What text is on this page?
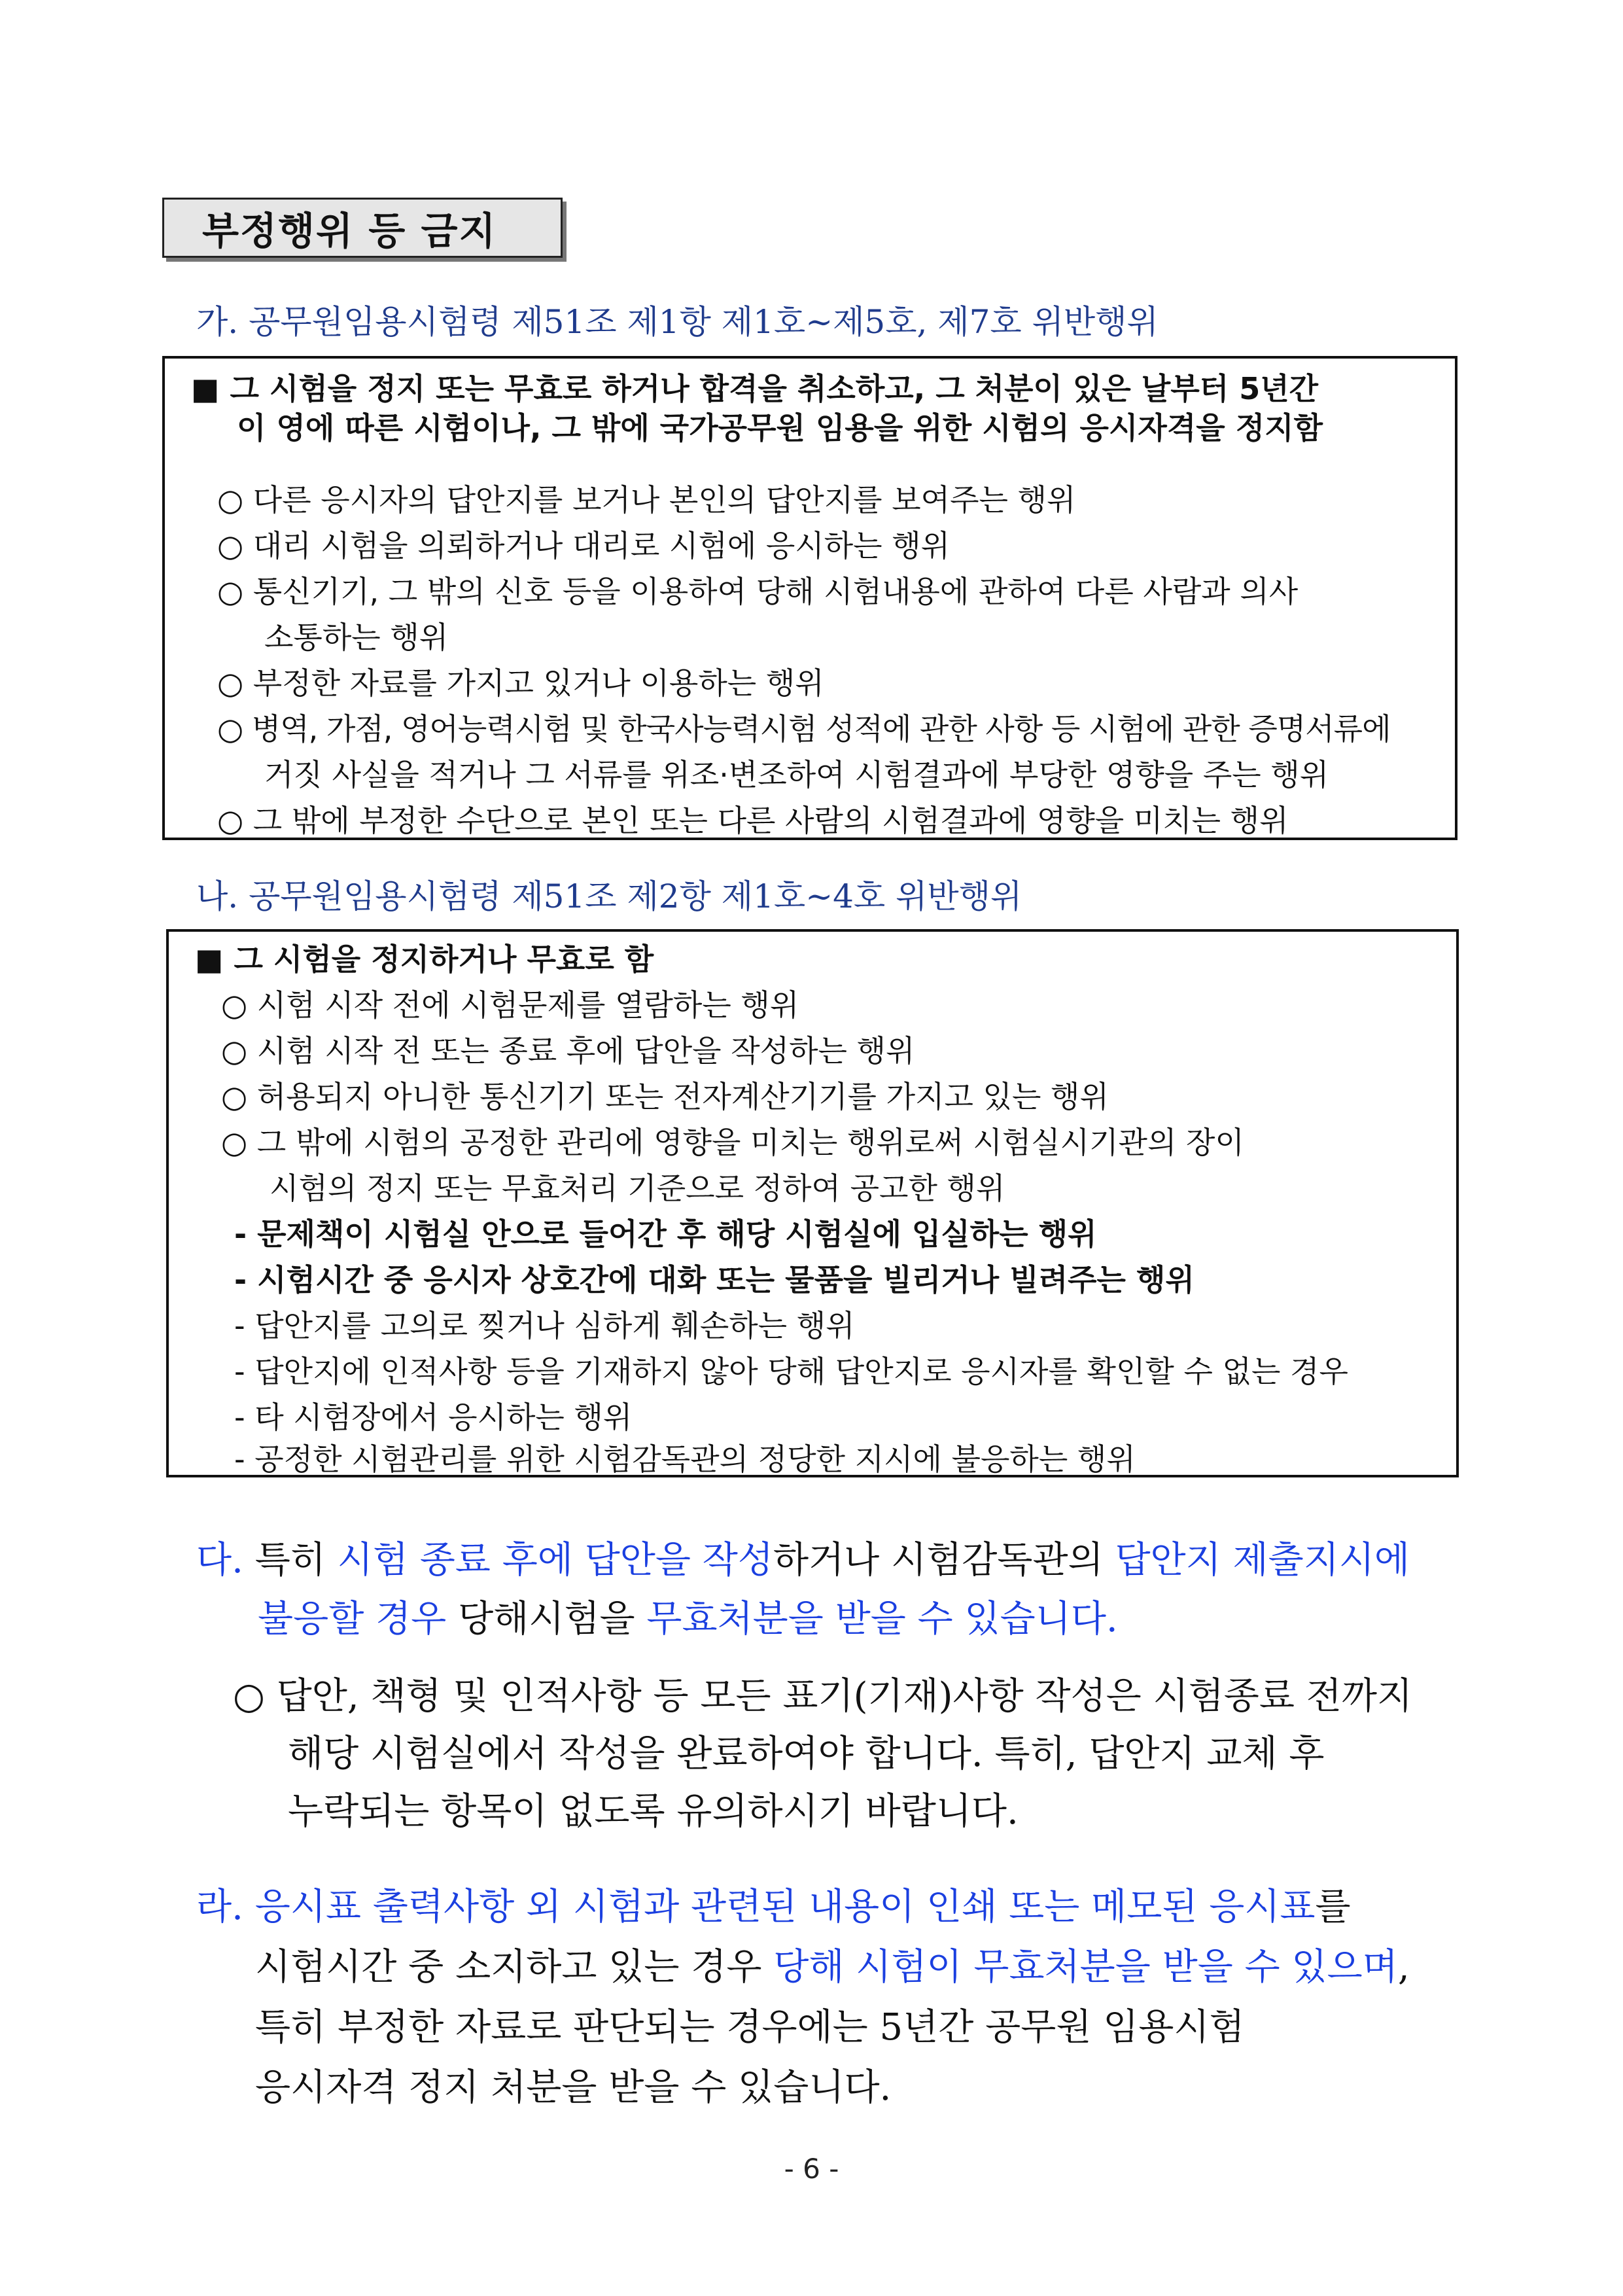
부정행위 등 금지
가. 공무원임용시험령 제51조 제1항 제1호∼제5호, 제7호 위반행위
■ 그 시험을 정지 또는 무효로 하거나 합격을 취소하고, 그 처분이 있은 날부터 5년간
이 영에 따른 시험이나, 그 밖에 국가공무원 임용을 위한 시험의 응시자격을 정지함
○ 다른 응시자의 답안지를 보거나 본인의 답안지를 보여주는 행위
○ 대리 시험을 의뢰하거나 대리로 시험에 응시하는 행위
○ 통신기기, 그 밖의 신호 등을 이용하여 당해 시험내용에 관하여 다른 사람과 의사
소통하는 행위
○ 부정한 자료를 가지고 있거나 이용하는 행위
○ 병역, 가점, 영어능력시험 및 한국사능력시험 성적에 관한 사항 등 시험에 관한 증명서류에
거짓 사실을 적거나 그 서류를 위조·변조하여 시험결과에 부당한 영향을 주는 행위
○ 그 밖에 부정한 수단으로 본인 또는 다른 사람의 시험결과에 영향을 미치는 행위
나. 공무원임용시험령 제51조 제2항 제1호∼4호 위반행위
■ 그 시험을 정지하거나 무효로 함
○ 시험 시작 전에 시험문제를 열람하는 행위
○ 시험 시작 전 또는 종료 후에 답안을 작성하는 행위
○ 허용되지 아니한 통신기기 또는 전자계산기기를 가지고 있는 행위
○ 그 밖에 시험의 공정한 관리에 영향을 미치는 행위로써 시험실시기관의 장이
시험의 정지 또는 무효처리 기준으로 정하여 공고한 행위
- 문제책이 시험실 안으로 들어간 후 해당 시험실에 입실하는 행위
- 시험시간 중 응시자 상호간에 대화 또는 물품을 빌리거나 빌려주는 행위
- 답안지를 고의로 찢거나 심하게 훼손하는 행위
- 답안지에 인적사항 등을 기재하지 않아 당해 답안지로 응시자를 확인할 수 없는 경우
- 타 시험장에서 응시하는 행위
- 공정한 시험관리를 위한 시험감독관의 정당한 지시에 불응하는 행위
다. 특히 시험 종료 후에 답안을 작성하거나 시험감독관의 답안지 제출지시에
불응할 경우 당해시험을 무효처분을 받을 수 있습니다.
○ 답안, 책형 및 인적사항 등 모든 표기(기재)사항 작성은 시험종료 전까지
해당 시험실에서 작성을 완료하여야 합니다. 특히, 답안지 교체 후
누락되는 항목이 없도록 유의하시기 바랍니다.
라. 응시표 출력사항 외 시험과 관련된 내용이 인쇄 또는 메모된 응시표를
시험시간 중 소지하고 있는 경우 당해 시험이 무효처분을 받을 수 있으며,
특히 부정한 자료로 판단되는 경우에는 5년간 공무원 임용시험
응시자격 정지 처분을 받을 수 있습니다.
- 6 -
